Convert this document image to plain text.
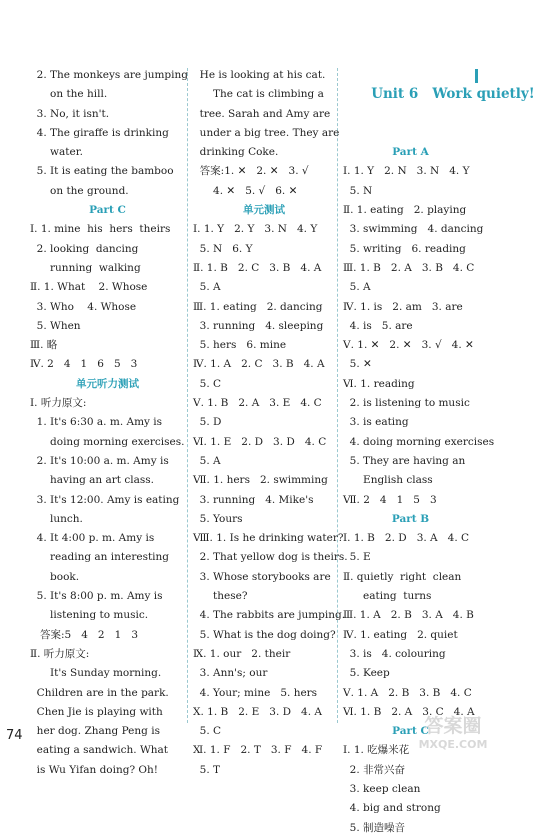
2. The monkeys are jumping
on the hill.
3. No, it isn't.
4. The giraffe is drinking
water.
5. It is eating the bamboo
on the ground.
Part C
Ⅰ. 1. mine  his  hers  theirs
2. looking  dancing
running  walking
Ⅱ. 1. What    2. Whose
3. Who    4. Whose
5. When
Ⅲ. 略
Ⅳ. 2   4   1   6   5   3
单元听力测试
Ⅰ. 听力原文:
1. It's 6:30 a. m. Amy is
doing morning exercises.
2. It's 10:00 a. m. Amy is
having an art class.
3. It's 12:00. Amy is eating
lunch.
4. It 4:00 p. m. Amy is
reading an interesting
book.
5. It's 8:00 p. m. Amy is
listening to music.
答案:5   4   2   1   3
Ⅱ. 听力原文:
It's Sunday morning.
Children are in the park.
Chen Jie is playing with
her dog. Zhang Peng is
eating a sandwich. What
is Wu Yifan doing? Oh!
He is looking at his cat.
The cat is climbing a
tree. Sarah and Amy are
under a big tree. They are
drinking Coke.
答案:1. ✕   2. ✕   3. √
4. ✕   5. √   6. ✕
单元测试
Ⅰ. 1. Y   2. Y   3. N   4. Y
5. N   6. Y
Ⅱ. 1. B   2. C   3. B   4. A
5. A
Ⅲ. 1. eating   2. dancing
3. running   4. sleeping
5. hers   6. mine
Ⅳ. 1. A   2. C   3. B   4. A
5. C
Ⅴ. 1. B   2. A   3. E   4. C
5. D
Ⅵ. 1. E   2. D   3. D   4. C
5. A
Ⅶ. 1. hers   2. swimming
3. running   4. Mike's
5. Yours
Ⅷ. 1. Is he drinking water?
2. That yellow dog is theirs.
3. Whose storybooks are
these?
4. The rabbits are jumping.
5. What is the dog doing?
Ⅸ. 1. our   2. their
3. Ann's; our
4. Your; mine   5. hers
Ⅹ. 1. B   2. E   3. D   4. A
5. C
Ⅺ. 1. F   2. T   3. F   4. F
5. T

Unit 6   Work quietly!

Part A
Ⅰ. 1. Y   2. N   3. N   4. Y
5. N
Ⅱ. 1. eating   2. playing
3. swimming   4. dancing
5. writing   6. reading
Ⅲ. 1. B   2. A   3. B   4. C
5. A
Ⅳ. 1. is   2. am   3. are
4. is   5. are
Ⅴ. 1. ✕   2. ✕   3. √   4. ✕
5. ✕
Ⅵ. 1. reading
2. is listening to music
3. is eating
4. doing morning exercises
5. They are having an
English class
Ⅶ. 2   4   1   5   3
Part B
Ⅰ. 1. B   2. D   3. A   4. C
5. E
Ⅱ. quietly  right  clean
eating  turns
Ⅲ. 1. A   2. B   3. A   4. B
Ⅳ. 1. eating   2. quiet
3. is   4. colouring
5. Keep
Ⅴ. 1. A   2. B   3. B   4. C
Ⅵ. 1. B   2. A   3. C   4. A
Part C
Ⅰ. 1. 吃爆米花
2. 非常兴奋
3. keep clean
4. big and strong
5. 制造噪音
74	答案圈
MXQE.COM
